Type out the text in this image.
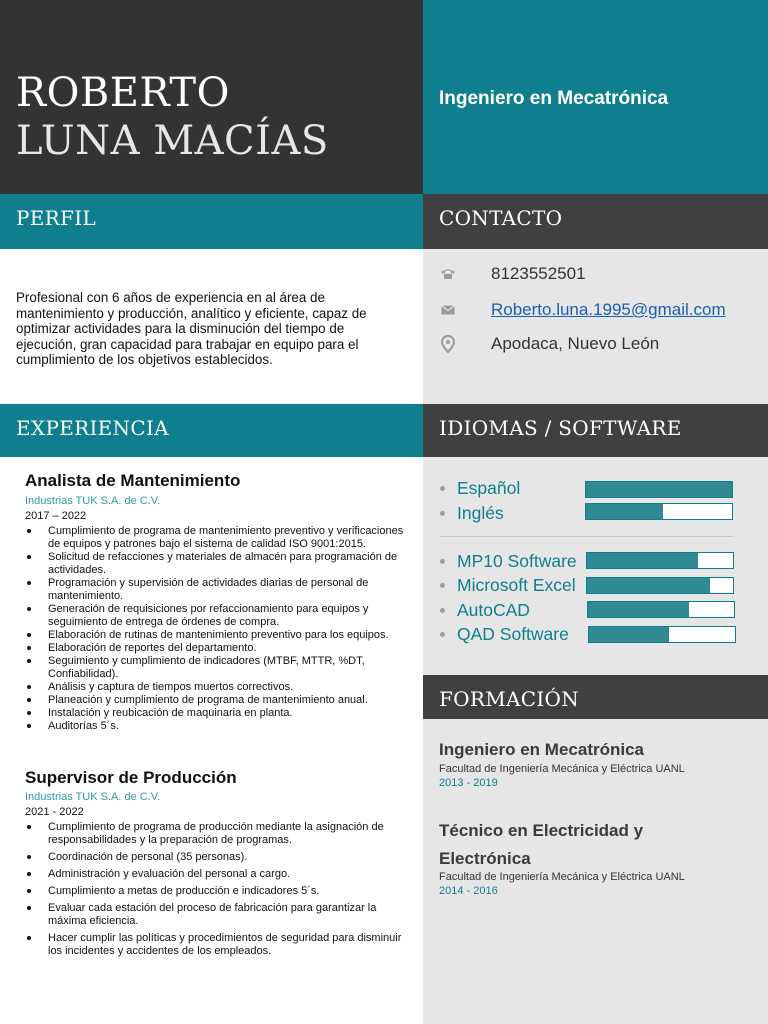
ROBERTO
LUNA MACÍAS
Ingeniero en Mecatrónica
PERFIL	CONTACTO
EXPERIENCIA	IDIOMAS / SOFTWARE
FORMACIÓN
Profesional con 6 años de experiencia en al área de mantenimiento y producción, analítico y eficiente, capaz de optimizar actividades para la disminución del tiempo de ejecución, gran capacidad para trabajar en equipo para el cumplimiento de los objetivos establecidos.
8123552501
Roberto.luna.1995@gmail.com
Apodaca, Nuevo León
Español
Inglés
MP10 Software
Microsoft Excel
AutoCAD
QAD Software
Ingeniero en Mecatrónica
Facultad de Ingeniería Mecánica y Eléctrica UANL
2013 - 2019
Técnico en Electricidad y Electrónica
Facultad de Ingeniería Mecánica y Eléctrica UANL
2014 - 2016
Analista de Mantenimiento
Industrias TUK S.A. de C.V.
2017 – 2022
Cumplimiento de programa de mantenimiento preventivo y verificaciones de equipos y patrones bajo el sistema de calidad ISO 9001:2015.
Solicitud de refacciones y materiales de almacén para programación de actividades.
Programación y supervisión de actividades diarias de personal de mantenimiento.
Generación de requisiciones por refaccionamiento para equipos y seguimiento de entrega de órdenes de compra.
Elaboración de rutinas de mantenimiento preventivo para los equipos.
Elaboración de reportes del departamento.
Seguimiento y cumplimiento de indicadores (MTBF, MTTR, %DT, Confiabilidad).
Análisis y captura de tiempos muertos correctivos.
Planeación y cumplimiento de programa de mantenimiento anual.
Instalación y reubicación de maquinaria en planta.
Auditorías 5´s.
Supervisor de Producción
Industrias TUK S.A. de C.V.
2021 - 2022
Cumplimiento de programa de producción mediante la asignación de responsabilidades y la preparación de programas.
Coordinación de personal (35 personas).
Administración y evaluación del personal a cargo.
Cumplimiento a metas de producción e indicadores 5´s.
Evaluar cada estación del proceso de fabricación para garantizar la máxima eficiencia.
Hacer cumplir las políticas y procedimientos de seguridad para disminuir los incidentes y accidentes de los empleados.
